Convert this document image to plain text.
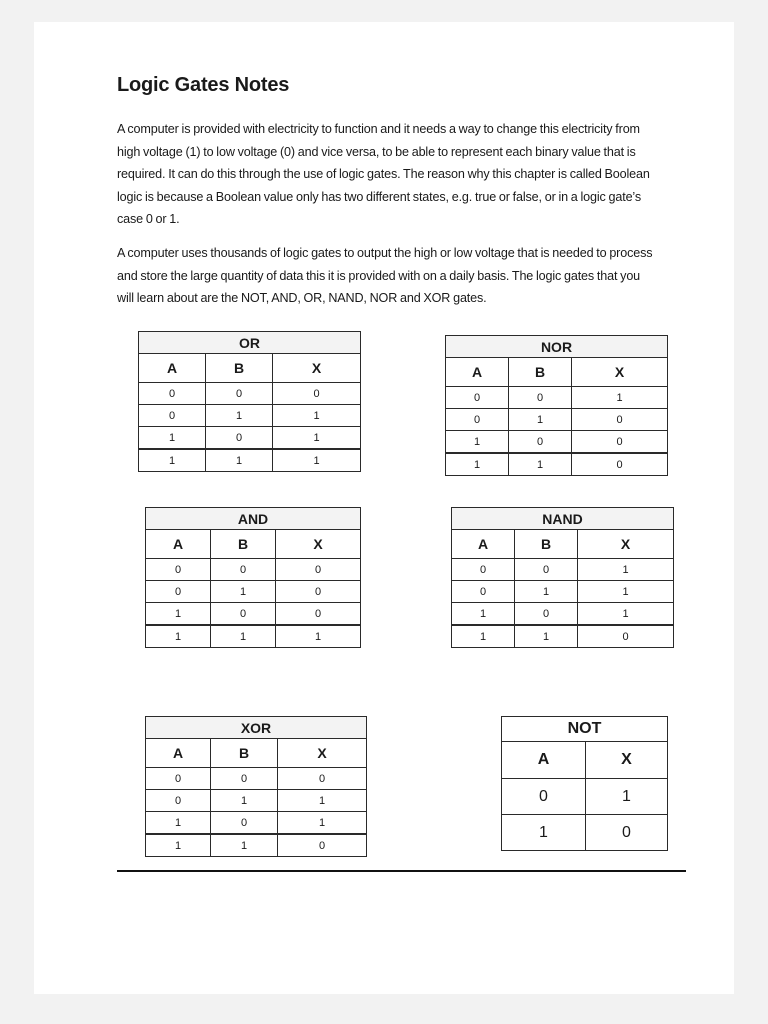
Logic Gates Notes

A computer is provided with electricity to function and it needs a way to change this electricity from high voltage (1) to low voltage (0) and vice versa, to be able to represent each binary value that is required. It can do this through the use of logic gates. The reason why this chapter is called Boolean logic is because a Boolean value only has two different states, e.g. true or false, or in a logic gate’s case 0 or 1.

A computer uses thousands of logic gates to output the high or low voltage that is needed to process and store the large quantity of data this it is provided with on a daily basis. The logic gates that you will learn about are the NOT, AND, OR, NAND, NOR and XOR gates.

OR		
A	B	X
0	0	0
0	1	1
1	0	1
1	1	1
NOR		
A	B	X
0	0	1
0	1	0
1	0	0
1	1	0
AND		
A	B	X
0	0	0
0	1	0
1	0	0
1	1	1
NAND		
A	B	X
0	0	1
0	1	1
1	0	1
1	1	0
XOR		
A	B	X
0	0	0
0	1	1
1	0	1
1	1	0
NOT	
A	X
0	1
1	0
